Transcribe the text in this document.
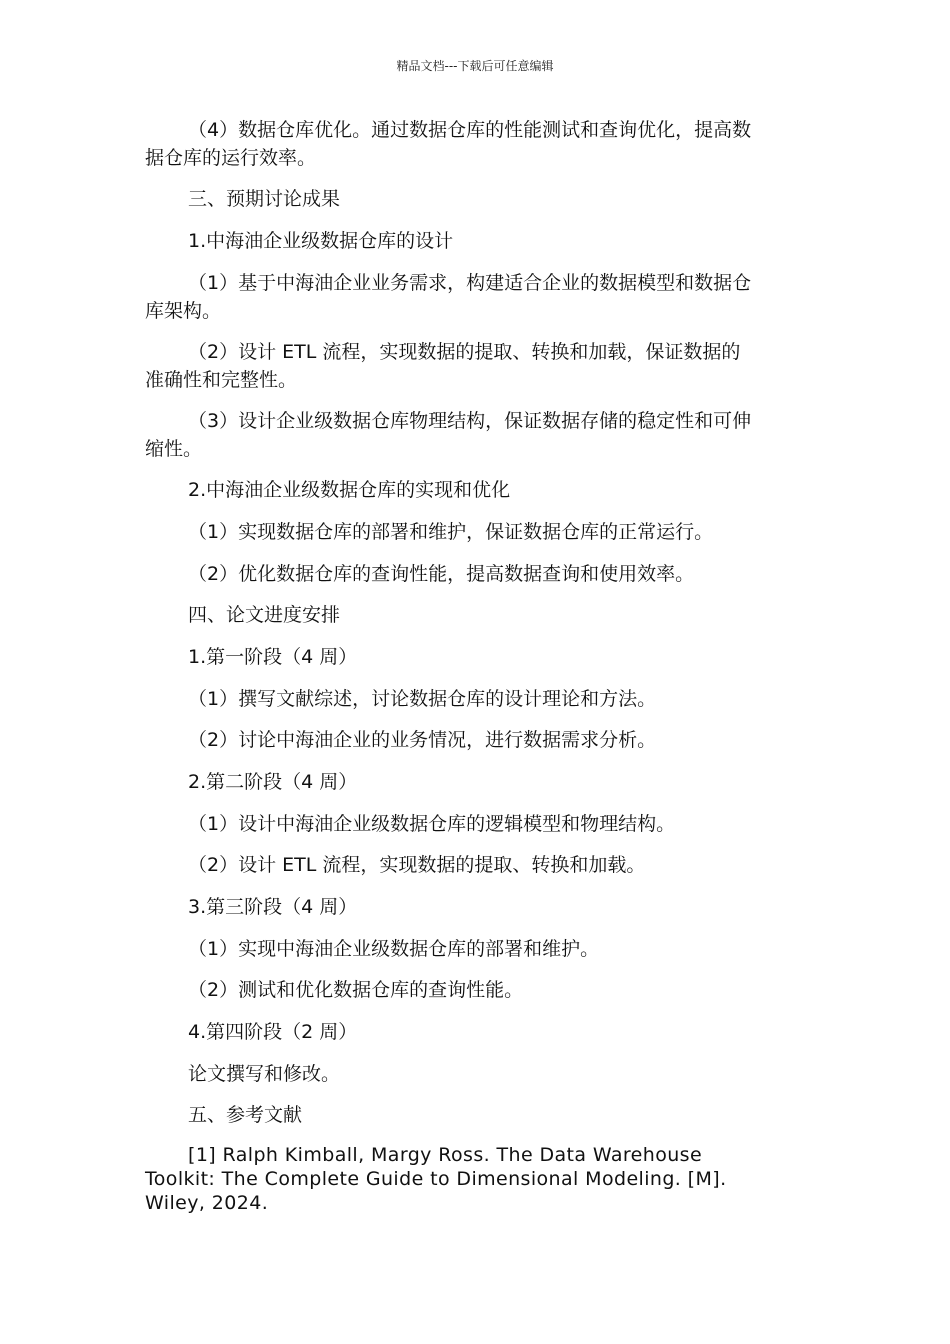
精品文档---下载后可任意编辑
（4）数据仓库优化。通过数据仓库的性能测试和查询优化，提高数
据仓库的运行效率。
三、预期讨论成果
1.中海油企业级数据仓库的设计
（1）基于中海油企业业务需求，构建适合企业的数据模型和数据仓
库架构。
（2）设计 ETL 流程，实现数据的提取、转换和加载，保证数据的
准确性和完整性。
（3）设计企业级数据仓库物理结构，保证数据存储的稳定性和可伸
缩性。
2.中海油企业级数据仓库的实现和优化
（1）实现数据仓库的部署和维护，保证数据仓库的正常运行。
（2）优化数据仓库的查询性能，提高数据查询和使用效率。
四、论文进度安排
1.第一阶段（4 周）
（1）撰写文献综述，讨论数据仓库的设计理论和方法。
（2）讨论中海油企业的业务情况，进行数据需求分析。
2.第二阶段（4 周）
（1）设计中海油企业级数据仓库的逻辑模型和物理结构。
（2）设计 ETL 流程，实现数据的提取、转换和加载。
3.第三阶段（4 周）
（1）实现中海油企业级数据仓库的部署和维护。
（2）测试和优化数据仓库的查询性能。
4.第四阶段（2 周）
论文撰写和修改。
五、参考文献
[1] Ralph Kimball, Margy Ross. The Data Warehouse
Toolkit: The Complete Guide to Dimensional Modeling. [M].
Wiley, 2024.
